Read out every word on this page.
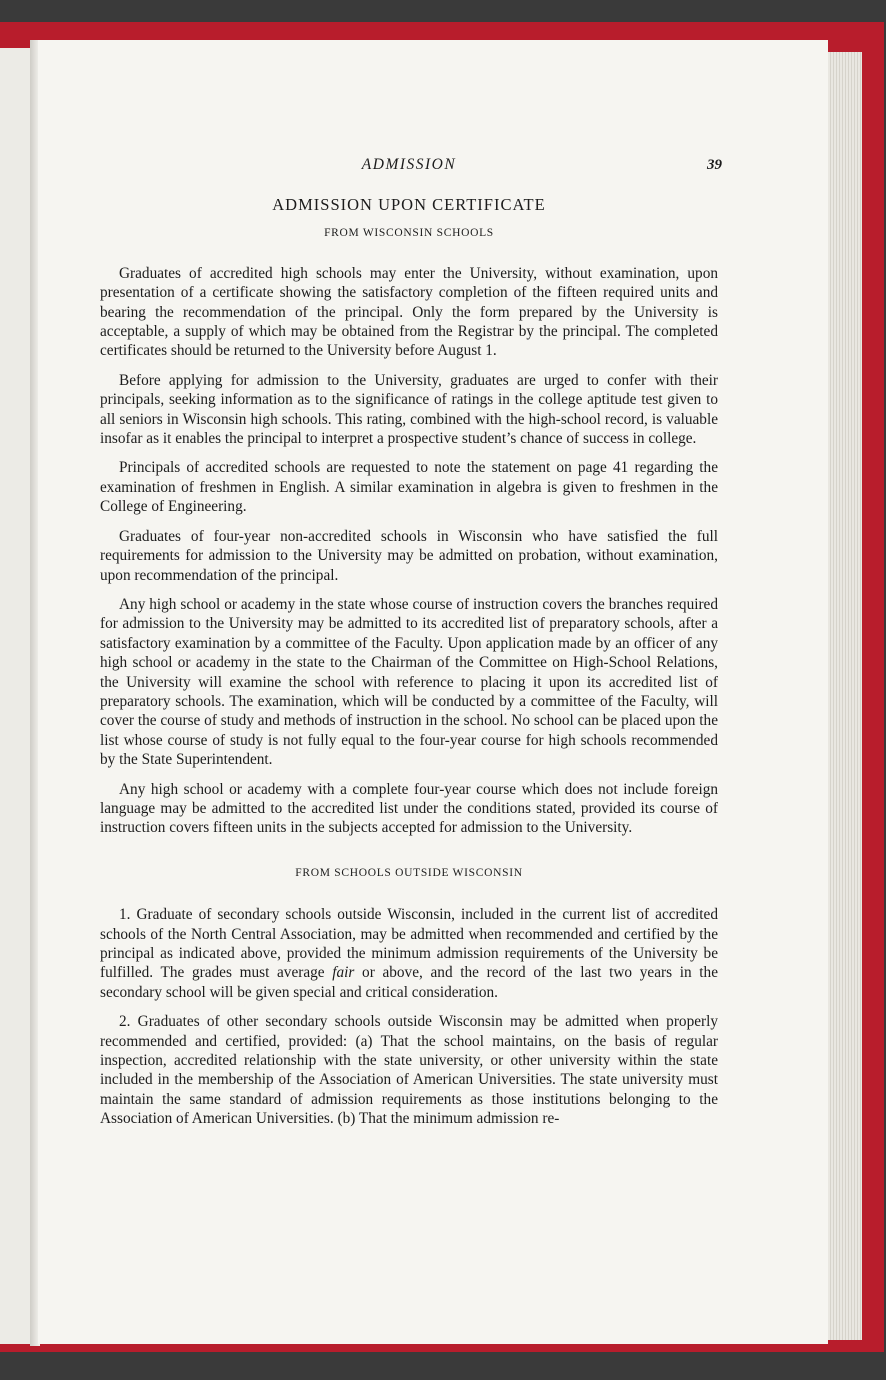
ADMISSION	39
ADMISSION UPON CERTIFICATE
FROM WISCONSIN SCHOOLS

Graduates of accredited high schools may enter the University, without examination, upon presentation of a certificate showing the satisfactory completion of the fifteen required units and bearing the recommendation of the principal. Only the form prepared by the University is acceptable, a supply of which may be obtained from the Registrar by the principal. The completed certificates should be returned to the University before August 1.

Before applying for admission to the University, graduates are urged to confer with their principals, seeking information as to the significance of ratings in the college aptitude test given to all seniors in Wisconsin high schools. This rating, combined with the high-school record, is valuable insofar as it enables the principal to interpret a prospective student’s chance of success in college.

Principals of accredited schools are requested to note the statement on page 41 regarding the examination of freshmen in English. A similar examination in algebra is given to freshmen in the College of Engineering.

Graduates of four-year non-accredited schools in Wisconsin who have satisfied the full requirements for admission to the University may be admitted on probation, without examination, upon recommendation of the principal.

Any high school or academy in the state whose course of instruction covers the branches required for admission to the University may be admitted to its accredited list of preparatory schools, after a satisfactory examination by a committee of the Faculty. Upon application made by an officer of any high school or academy in the state to the Chairman of the Committee on High-School Relations, the University will examine the school with reference to placing it upon its accredited list of preparatory schools. The examination, which will be conducted by a committee of the Faculty, will cover the course of study and methods of instruction in the school. No school can be placed upon the list whose course of study is not fully equal to the four-year course for high schools recommended by the State Superintendent.

Any high school or academy with a complete four-year course which does not include foreign language may be admitted to the accredited list under the conditions stated, provided its course of instruction covers fifteen units in the subjects accepted for admission to the University.

FROM SCHOOLS OUTSIDE WISCONSIN

1. Graduate of secondary schools outside Wisconsin, included in the current list of accredited schools of the North Central Association, may be admitted when recommended and certified by the principal as indicated above, provided the minimum admission requirements of the University be fulfilled. The grades must average fair or above, and the record of the last two years in the secondary school will be given special and critical consideration.

2. Graduates of other secondary schools outside Wisconsin may be admitted when properly recommended and certified, provided: (a) That the school maintains, on the basis of regular inspection, accredited relationship with the state university, or other university within the state included in the membership of the Association of American Universities. The state university must maintain the same standard of admission requirements as those institutions belonging to the Association of American Universities. (b) That the minimum admission re-
